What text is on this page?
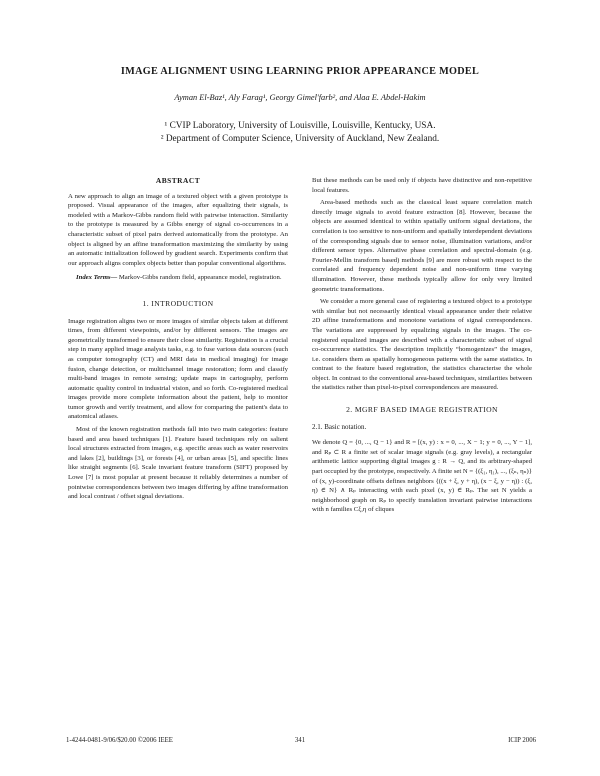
IMAGE ALIGNMENT USING LEARNING PRIOR APPEARANCE MODEL
Ayman El-Baz¹, Aly Farag¹, Georgy Gimel'farb², and Alaa E. Abdel-Hakim
¹ CVIP Laboratory, University of Louisville, Louisville, Kentucky, USA.
² Department of Computer Science, University of Auckland, New Zealand.
ABSTRACT

A new approach to align an image of a textured object with a given prototype is proposed. Visual appearance of the images, after equalizing their signals, is modeled with a Markov-Gibbs random field with pairwise interaction. Similarity to the prototype is measured by a Gibbs energy of signal co-occurrences in a characteristic subset of pixel pairs derived automatically from the prototype. An object is aligned by an affine transformation maximizing the similarity by using an automatic initialization followed by gradient search. Experiments confirm that our approach aligns complex objects better than popular conventional algorithms.

Index Terms— Markov-Gibbs random field, appearance model, registration.

1. INTRODUCTION

Image registration aligns two or more images of similar objects taken at different times, from different viewpoints, and/or by different sensors. The images are geometrically transformed to ensure their close similarity. Registration is a crucial step in many applied image analysis tasks, e.g. to fuse various data sources (such as computer tomography (CT) and MRI data in medical imaging) for image fusion, change detection, or multichannel image restoration; form and classify multi-band images in remote sensing; update maps in cartography, perform automatic quality control in industrial vision, and so forth. Co-registered medical images provide more complete information about the patient, help to monitor tumor growth and verify treatment, and allow for comparing the patient's data to anatomical atlases.

Most of the known registration methods fall into two main categories: feature based and area based techniques [1]. Feature based techniques rely on salient local structures extracted from images, e.g. specific areas such as water reservoirs and lakes [2], buildings [3], or forests [4], or urban areas [5], and specific lines like straight segments [6]. Scale invariant feature transform (SIFT) proposed by Lowe [7] is most popular at present because it reliably determines a number of pointwise correspondences between two images differing by affine transformation and local contrast / offset signal deviations.

But these methods can be used only if objects have distinctive and non-repetitive local features.

Area-based methods such as the classical least square correlation match directly image signals to avoid feature extraction [8]. However, because the objects are assumed identical to within spatially uniform signal deviations, the correlation is too sensitive to non-uniform and spatially interdependent deviations of the corresponding signals due to sensor noise, illumination variations, and/or different sensor types. Alternative phase correlation and spectral-domain (e.g. Fourier-Mellin transform based) methods [9] are more robust with respect to the correlated and frequency dependent noise and non-uniform time varying illumination. However, these methods typically allow for only very limited geometric transformations.

We consider a more general case of registering a textured object to a prototype with similar but not necessarily identical visual appearance under their relative 2D affine transformations and monotone variations of signal correspondences. The variations are suppressed by equalizing signals in the images. The co-registered equalized images are described with a characteristic subset of signal co-occurrence statistics. The description implicitly “homogenizes” the images, i.e. considers them as spatially homogeneous patterns with the same statistics. In contrast to the feature based registration, the statistics characterise the whole object. In contrast to the conventional area-based techniques, similarities between the statistics rather than pixel-to-pixel correspondences are measured.

2. MGRF BASED IMAGE REGISTRATION
2.1. Basic notation.

We denote Q = {0, ..., Q − 1} and R = [(x, y) : x = 0, ..., X − 1; y = 0, ..., Y − 1], and Rₚ ⊂ R a finite set of scalar image signals (e.g. gray levels), a rectangular arithmetic lattice supporting digital images g : R → Q, and its arbitrary-shaped part occupied by the prototype, respectively. A finite set N = {(ξ₁, η₁), ..., (ξₙ, ηₙ)} of (x, y)-coordinate offsets defines neighbors {((x + ξ, y + η), (x − ξ, y − η)) : (ξ, η) ∈ N} ∧ Rₚ interacting with each pixel (x, y) ∈ Rₚ. The set N yields a neighborhood graph on Rₚ to specify translation invariant pairwise interactions with n families Cξ,η of cliques

1-4244-0481-9/06/$20.00 ©2006 IEEE	341	ICIP 2006
